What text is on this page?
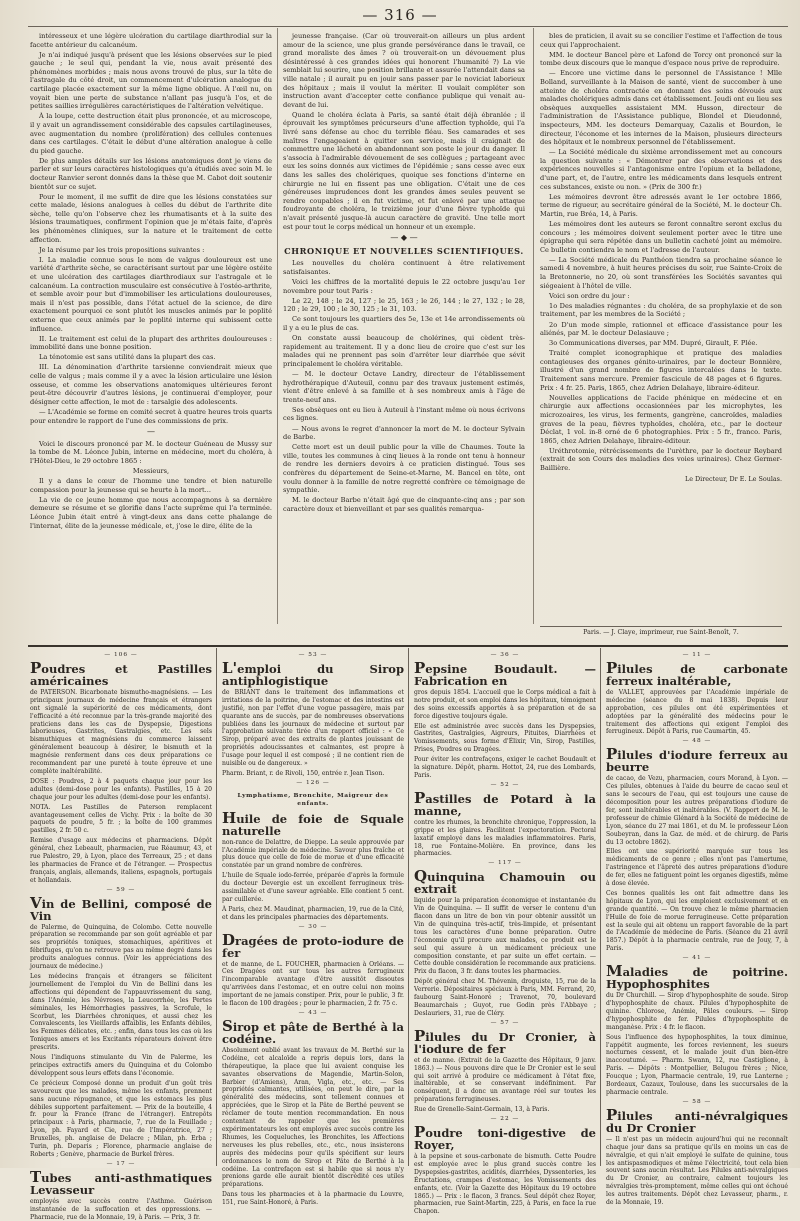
— 316 —

intéresseux et une légère ulcération du cartilage diarthrodial sur la facette antérieur du calcanéum.

Je n'ai indiqué jusqu'à présent que les lésions observées sur le pied gauche ; le seul qui, pendant la vie, nous avait présenté des phénomènes morbides ; mais nous avons trouvé de plus, sur la tête de l'astragale du côté droit, un commencement d'ulcération analogue du cartilage placée exactement sur la même ligne oblique. À l'œil nu, on voyait bien une perte de substance n'allant pas jusqu'à l'os, et de petites saillies irrégulières caractéristiques de l'altération velvétique.

À la loupe, cette destruction était plus prononcée, et au microscope, il y avait un agrandissement considérable des capsules cartilagineuses, avec augmentation du nombre (prolifération) des cellules contenues dans ces cartilages. C'était le début d'une altération analogue à celle du pied gauche.

De plus amples détails sur les lésions anatomiques dont je viens de parler et sur leurs caractères histologiques qu'a étudiés avec soin M. le docteur Ranvier seront donnés dans la thèse que M. Cabot doit soutenir bientôt sur ce sujet.

Pour le moment, il me suffit de dire que les lésions constatées sur cette malade, lésions analogues à celles du début de l'arthrite dite sèche, telle qu'on l'observe chez les rhumatisants et à la suite des lésions traumatiques, confirment l'opinion que je m'étais faite, d'après les phénomènes cliniques, sur la nature et le traitement de cette affection.

Je la résume par les trois propositions suivantes :

I. La maladie connue sous le nom de valgus douloureux est une variété d'arthrite sèche, se caractérisant surtout par une légère ostéite et une ulcération des cartilages diarthrodiaux sur l'astragale et le calcanéum. La contraction musculaire est consécutive à l'ostéo-arthrite, et semble avoir pour but d'immobiliser les articulations douloureuses, mais il n'est pas possible, dans l'état actuel de la science, de dire exactement pourquoi ce sont plutôt les muscles animés par le poplité externe que ceux animés par le poplité interne qui subissent cette influence.

II. Le traitement est celui de la plupart des arthrites douloureuses : immobilité dans une bonne position.

La ténotomie est sans utilité dans la plupart des cas.

III. La dénomination d'arthrite tarsienne conviendrait mieux que celle de valgus ; mais comme il y a avec la lésion articulaire une lésion osseuse, et comme les observations anatomiques ultérieures feront peut-être découvrir d'autres lésions, je continuerai d'employer, pour désigner cette affection, le mot de : tarsalgie des adolescents.

— L'Académie se forme en comité secret à quatre heures trois quarts pour entendre le rapport de l'une des commissions de prix.

—

Voici le discours prononcé par M. le docteur Guéneau de Mussy sur la tombe de M. Léonce Jubin, interne en médecine, mort du choléra, à l'Hôtel-Dieu, le 29 octobre 1865 :

Messieurs,

Il y a dans le cœur de l'homme une tendre et bien naturelle compassion pour la jeunesse qui se heurte à la mort...

La vie de ce jeune homme que nous accompagnons à sa dernière demeure se résume et se glorifie dans l'acte suprême qui l'a terminée. Léonce Jubin était entré à vingt-deux ans dans cette phalange de l'internat, élite de la jeunesse médicale, et, j'ose le dire, élite de la

jeunesse française. (Car où trouverait-on ailleurs un plus ardent amour de la science, une plus grande persévérance dans le travail, ce grand moraliste des âmes ? où trouverait-on un dévouement plus désintéressé à ces grandes idées qui honorent l'humanité ?) La vie semblait lui sourire, une position brillante et assurée l'attendait dans sa ville natale ; il aurait pu en jouir sans passer par le noviciat laborieux des hôpitaux ; mais il voulut la mériter. Il voulait compléter son instruction avant d'accepter cette confiance publique qui venait au-devant de lui.

Quand le choléra éclata à Paris, sa santé était déjà ébranlée ; il éprouvait les symptômes précurseurs d'une affection typhoïde, qui l'a livré sans défense au choc du terrible fléau. Ses camarades et ses maîtres l'engageaient à quitter son service, mais il craignait de commettre une lâcheté en abandonnant son poste le jour du danger. Il s'associa à l'admirable dévouement de ses collègues ; partageant avec eux les soins donnés aux victimes de l'épidémie ; sans cesse avec eux dans les salles des cholériques, quoique ses fonctions d'interne en chirurgie ne lui en fissent pas une obligation. C'était une de ces généreuses imprudences dont les grandes âmes seules peuvent se rendre coupables ; il en fut victime, et fut enlevé par une attaque foudroyante de choléra, le treizième jour d'une fièvre typhoïde qui n'avait présenté jusque-là aucun caractère de gravité. Une telle mort est pour tout le corps médical un honneur et un exemple.

— ◆ —
CHRONIQUE ET NOUVELLES SCIENTIFIQUES.

Les nouvelles du choléra continuent à être relativement satisfaisantes.

Voici les chiffres de la mortalité depuis le 22 octobre jusqu'au 1er novembre pour tout Paris :

Le 22, 148 ; le 24, 127 ; le 25, 163 ; le 26, 144 ; le 27, 132 ; le 28, 120 ; le 29, 100 ; le 30, 125 ; le 31, 103.

Ce sont toujours les quartiers des 5e, 13e et 14e arrondissements où il y a eu le plus de cas.

On constate aussi beaucoup de cholérines, qui cèdent très-rapidement au traitement. Il y a donc lieu de croire que c'est sur les malades qui ne prennent pas soin d'arrêter leur diarrhée que sévit principalement le choléra véritable.

— M. le docteur Octave Landry, directeur de l'établissement hydrothérapique d'Auteuil, connu par des travaux justement estimés, vient d'être enlevé à sa famille et à ses nombreux amis à l'âge de trente-neuf ans.

Ses obsèques ont eu lieu à Auteuil à l'instant même où nous écrivons ces lignes.

— Nous avons le regret d'annoncer la mort de M. le docteur Sylvain de Barbe.

Cette mort est un deuil public pour la ville de Chaumes. Toute la ville, toutes les communes à cinq lieues à la ronde ont tenu à honneur de rendre les derniers devoirs à ce praticien distingué. Tous ses confrères du département de Seine-et-Marne, M. Bancel en tête, ont voulu donner à la famille de notre regretté confrère ce témoignage de sympathie.

M. le docteur Barbe n'était âgé que de cinquante-cinq ans ; par son caractère doux et bienveillant et par ses qualités remarqua-

bles de praticien, il avait su se concilier l'estime et l'affection de tous ceux qui l'approchaient.

MM. le docteur Bancel père et Lafond de Torcy ont prononcé sur la tombe deux discours que le manque d'espace nous prive de reproduire.

— Encore une victime dans le personnel de l'Assistance ! Mlle Bolland, surveillante à la Maison de santé, vient de succomber à une atteinte de choléra contractée en donnant des soins dévoués aux malades cholériques admis dans cet établissement. Jeudi ont eu lieu ses obsèques auxquelles assistaient MM. Husson, directeur de l'administration de l'Assistance publique, Blondel et Dieudonné, inspecteurs, MM. les docteurs Demarquay, Cazalis et Bourdon, le directeur, l'économe et les internes de la Maison, plusieurs directeurs des hôpitaux et le nombreux personnel de l'établissement.

— La Société médicale du sixième arrondissement met au concours la question suivante : « Démontrer par des observations et des expériences nouvelles si l'antagonisme entre l'opium et la belladone, d'une part, et, de l'autre, entre les médicaments dans lesquels entrent ces substances, existe ou non. » (Prix de 300 fr.)

Les mémoires devront être adressés avant le 1er octobre 1866, terme de rigueur, au secrétaire général de la Société, M. le docteur Ch. Martin, rue Bréa, 14, à Paris.

Les mémoires dont les auteurs se feront connaître seront exclus du concours ; les mémoires doivent seulement porter avec le titre une épigraphe qui sera répétée dans un bulletin cacheté joint au mémoire. Ce bulletin contiendra le nom et l'adresse de l'auteur.

— La Société médicale du Panthéon tiendra sa prochaine séance le samedi 4 novembre, à huit heures précises du soir, rue Sainte-Croix de la Bretonnerie, no 20, où sont transférées les Sociétés savantes qui siégeaient à l'hôtel de ville.

Voici son ordre du jour :

1o Des maladies régnantes : du choléra, de sa prophylaxie et de son traitement, par les membres de la Société ;

2o D'un mode simple, rationnel et efficace d'assistance pour les aliénés, par M. le docteur Delasiauve ;

3o Communications diverses, par MM. Dupré, Girault, F. Plée.

Traité complet iconographique et pratique des maladies contagieuses des organes génito-urinaires, par le docteur Bonnière, illustré d'un grand nombre de figures intercalées dans le texte. Traitement sans mercure. Premier fascicule de 48 pages et 6 figures. Prix : 4 fr. 25. Paris, 1865, chez Adrien Delahaye, libraire-éditeur.

Nouvelles applications de l'acide phénique en médecine et en chirurgie aux affections occasionnées par les microphytes, les microzoaires, les virus, les ferments, gangrène, cancroïdes, maladies graves de la peau, fièvres typhoïdes, choléra, etc., par le docteur Déclat, 1 vol. in-8 orné de 6 photographies. Prix : 5 fr., franco. Paris, 1865, chez Adrien Delahaye, libraire-éditeur.

Uréthrotomie, rétrécissements de l'urèthre, par le docteur Reybard (extrait de son Cours des maladies des voies urinaires). Chez Germer-Baillière.

Le Directeur, Dr E. Le Soulas.
Paris. — J. Claye, imprimeur, rue Saint-Benoît, 7.
— 106 —
Poudres et Pastilles américaines

de PATERSON. Bicarbonate bismutho-magnésiens. — Les principaux journaux de médecine français et étrangers ont signalé la supériorité de ces médicaments, dont l'efficacité a été reconnue par la très-grande majorité des praticiens dans les cas de Dyspepsie, Digestions laborieuses, Gastrites, Gastralgies, etc. Les sels bismuthiques et magnésiens du commerce laissent généralement beaucoup à désirer, le bismuth et la magnésie renferment dans ces deux préparations ce recommandent par une pureté à toute épreuve et une complète inaltérabilité.

DOSE : Poudres, 2 à 4 paquets chaque jour pour les adultes (demi-dose pour les enfants). Pastilles, 15 à 20 chaque jour pour les adultes (demi-dose pour les enfants).

NOTA. Les Pastilles de Paterson remplacent avantageusement celles de Vichy. Prix : la boîte de 30 paquets de poudre, 5 fr. ; la boîte de 100 grammes pastilles, 2 fr. 50 c.

Remise d'usage aux médecins et pharmaciens. Dépôt général, chez Lebeault, pharmacien, rue Réaumur, 43, et rue Palestro, 29, à Lyon, place des Terreaux, 25 ; et dans les pharmacies de France et de l'étranger. — Prospectus français, anglais, allemands, italiens, espagnols, portugais et hollandais.

— 59 —
Vin de Bellini, composé de Vin

de Palerme, de Quinquina, de Colombo. Cette nouvelle préparation se recommande par son goût agréable et par ses propriétés toniques, stomachiques, apéritives et fébrifuges, qu'on ne retrouve pas au même degré dans les produits analogues connus. (Voir les appréciations des journaux de médecine.)

Les médecins français et étrangers se félicitent journellement de l'emploi du Vin de Bellini dans les affections qui dépendent de l'appauvrissement du sang, dans l'Anémie, les Névroses, la Leucorrhée, les Pertes séminales, les Hémorrhagies passives, la Scrofule, le Scorbut, les Diarrhées chroniques, et aussi chez les Convalescents, les Vieillards affaiblis, les Enfants débiles, les Femmes délicates, etc. ; enfin, dans tous les cas où les Toniques amers et les Excitants réparateurs doivent être prescrits.

Nous l'indiquons stimulante du Vin de Palerme, les principes extractifs amers du Quinquina et du Colombo développent sous leurs effets dans l'économie.

Ce précieux Composé donne un produit d'un goût très savoureux que les malades, même les enfants, prennent sans aucune répugnance, et que les estomacs les plus débiles supportent parfaitement. — Prix de la bouteille, 4 fr. pour la France (franc de l'étranger). Entrepôts principaux : à Paris, pharmacie, 7, rue de la Feuillade ; Lyon, ph. Fayard et Cie, rue de l'Impératrice, 27 ; Bruxelles, ph. anglaise de Delacre ; Milan, ph. Erba ; Turin, ph. Deparis ; Florence, pharmacie anglaise de Roberts ; Genève, pharmacie de Burkel frères.

— 17 —
Tubes anti-asthmatiques Levasseur

employés avec succès contre l'Asthme. Guérison instantanée de la suffocation et des oppressions. — Pharmacie, rue de la Monnaie, 19, à Paris. — Prix, 3 fr.

— 53 —
L'emploi du Sirop antiphlogistique

de BRIANT dans le traitement des inflammations et irritations de la poitrine, de l'estomac et des intestins est justifié, non par l'effet d'une vogue passagère, mais par quarante ans de succès, par de nombreuses observations publiées dans les journaux de médecine et surtout par l'approbation suivante tirée d'un rapport officiel : « Ce Sirop, préparé avec des extraits de plantes jouissant de propriétés adoucissantes et calmantes, est propre à l'usage pour lequel il est composé ; il ne contient rien de nuisible ou de dangereux. »

Pharm. Briant, r. de Rivoli, 150, entrée r. Jean Tison.

— 126 —
Lymphatisme, Bronchite, Maigreur des enfants.
Huile de foie de Squale naturelle

non-rance de Delattre, de Dieppe. La seule approuvée par l'Académie impériale de médecine. Savour plus fraîche et plus douce que celle de foie de morue et d'une efficacité constatée par un grand nombre de confrères.

L'huile de Squale iodo-ferrée, préparée d'après la formule du docteur Devergie est un excellent ferrugineux très-assimilable et d'une saveur agréable. Elle contient 5 cent. par cuillerée.

À Paris, chez M. Maudinat, pharmacien, 19, rue de la Cité, et dans les principales pharmacies des départements.

— 30 —
Dragées de proto-iodure de fer

et de manne, de L. FOUCHER, pharmacien à Orléans. — Ces Dragées ont sur tous les autres ferrugineux l'incomparable avantage d'être aussitôt dissoutes qu'arrivées dans l'estomac, et en outre celui non moins important de ne jamais constiper. Prix, pour le public, 3 fr. le flacon de 100 dragées ; pour le pharmacien, 2 fr. 75 c.

— 43 —
Sirop et pâte de Berthé à la codéine.

Absolument oublié avant les travaux de M. Berthé sur la Codéine, cet alcaloïde a repris depuis lors, dans la thérapeutique, la place que lui avaient conquise les savantes observations de Magendie, Martin-Solon, Barbier (d'Amiens), Aran, Vigla, etc., etc. — Ses propriétés calmantes, utilisées, on peut le dire, par la généralité des médecins, sont tellement connues et appréciées, que le Sirop et la Pâte de Berthé peuvent se réclamer de toute mention recommandation. En nous contentant de rappeler que les premières expérimentateurs les ont employés avec succès contre les Rhumes, les Coqueluches, les Bronchites, les Affections nerveuses les plus rebelles, etc., etc., nous insisterons auprès des médecins pour qu'ils spécifient sur leurs ordonnances le nom de Sirop et Pâte de Berthé à la codéine. La contrefaçon est si habile que si nous n'y prenions garde elle aurait bientôt discrédité ces utiles préparations.

Dans tous les pharmacies et à la pharmacie du Louvre, 151, rue Saint-Honoré, à Paris.

— 36 —
Pepsine Boudault. — Fabrication en

gros depuis 1854. L'accueil que le Corps médical a fait à notre produit, et son emploi dans les hôpitaux, témoignent des soins excessifs apportés à sa préparation et de sa force digestive toujours égale.

Elle est administrée avec succès dans les Dyspepsies, Gastrites, Gastralgies, Aigreurs, Pituites, Diarrhées et Vomissements, sous forme d'Élixir, Vin, Sirop, Pastilles, Prises, Poudres ou Dragées.

Pour éviter les contrefaçons, exiger le cachet Boudault et la signature. Dépôt, pharm. Hottot, 24, rue des Lombards, Paris.

— 52 —
Pastilles de Potard à la manne,

contre les rhumes, la bronchite chronique, l'oppression, la grippe et les glaires. Facilitent l'expectoration. Pectoral laxatif employé dans les maladies inflammatoires. Paris, 18, rue Fontaine-Molière. En province, dans les pharmacies.

— 117 —
Quinquina Chamouin ou extrait

liquide pour la préparation économique et instantanée du Vin de Quinquina. — Il suffit de verser le contenu d'un flacon dans un litre de bon vin pour obtenir aussitôt un Vin de quinquina très-actif, très-limpide, et présentant tous les caractères d'une bonne préparation. Outre l'économie qu'il procure aux malades, ce produit est le seul qui assure à un médicament précieux une composition constante, et par suite un effet certain. — Cette double considération le recommande aux praticiens. Prix du flacon, 3 fr. dans toutes les pharmacies.

Dépôt général chez M. Thévenin, droguiste, 15, rue de la Verrerie. Dépositaires spéciaux à Paris, MM. Ferrand, 20, faubourg Saint-Honoré ; Travenot, 70, boulevard Beaumarchais ; Guyot, rue Godin près l'Abbaye ; Deslauriers, 31, rue de Cléry.

— 57 —
Pilules du Dr Cronier, à l'iodure de fer

et de manne. (Extrait de la Gazette des Hôpitaux, 9 janv. 1863.) — Nous pouvons dire que le Dr Cronier est le seul qui soit arrivé à produire ce médicament à l'état fixe, inaltérable, et se conservant indéfiniment. Par conséquent, il a donc un avantage réel sur toutes les préparations ferrugineuses.

Rue de Grenelle-Saint-Germain, 13, à Paris.

— 22 —
Poudre toni-digestive de Royer,

à la pepsine et sous-carbonate de bismuth. Cette Poudre est employée avec le plus grand succès contre les Dyspepsies-gastrites, acidités, diarrhées, Dyssenteries, les Éructations, crampes d'estomac, les Vomissements des enfants, etc. (Voir la Gazette des Hôpitaux du 19 octobre 1865.) — Prix : le flacon, 3 francs. Seul dépôt chez Royer, pharmacien, rue Saint-Martin, 225, à Paris, en face la rue Chapon.

— 11 —
Pilules de carbonate ferreux inaltérable,

de VALLET, approuvées par l'Académie impériale de médecine (séance du 8 mai 1838). Depuis leur approbation, ces pilules ont été expérimentées et adoptées par la généralité des médecins pour le traitement des affections qui exigent l'emploi des ferrugineux. Dépôt à Paris, rue Caumartin, 45.

— 48 —
Pilules d'iodure ferreux au beurre

de cacao, de Vezu, pharmacien, cours Morand, à Lyon. — Ces pilules, obtenues à l'aide du beurre de cacao seul et sans le secours de l'eau, qui est toujours une cause de décomposition pour les autres préparations d'iodure de fer, sont inaltérables et inaltérables. (V. Rapport de M. le professeur de chimie Glénard à la Société de médecine de Lyon, séance du 27 mai 1861, et du M. le professeur Léon Soubeyran, dans la Gaz. de méd. et de chirurg. de Paris du 13 octobre 1862).

Elles ont une supériorité marquée sur tous les médicaments de ce genre ; elles n'ont pas l'amertume, l'astringence et l'âpreté des autres préparations d'iodure de fer, elles ne fatiguent point les organes digestifs, même à dose élevée.

Ces bonnes qualités les ont fait admettre dans les hôpitaux de Lyon, qui les emploient exclusivement et en grande quantité. — On trouve chez le même pharmacien l'Huile de foie de morue ferrugineuse. Cette préparation est la seule qui ait obtenu un rapport favorable de la part de l'Académie de médecine de Paris. (Séance du 21 avril 1857.) Dépôt à la pharmacie centrale, rue de Jouy, 7, à Paris.

— 41 —
Maladies de poitrine. Hypophosphites

du Dr Churchill. — Sirop d'hypophosphite de soude. Sirop d'hypophosphite de chaux. Pilules d'hypophosphite de quinine. Chlorose, Anémie, Pâles couleurs. — Sirop d'hypophosphite de fer. Pilules d'hypophosphite de manganèse. Prix : 4 fr. le flacon.

Sous l'influence des hypophosphites, la toux diminue, l'appétit augmente, les forces reviennent, les sueurs nocturnes cessent, et le malade jouit d'un bien-être inaccoutumé. — Pharm. Swann, 12, rue Castiglione, à Paris. — Dépôts : Montpellier, Belugou frères ; Nice, Foucque ; Lyon, Pharmacie centrale, 19, rue Lanterne ; Bordeaux, Cazaux, Toulouse, dans les succursales de la pharmacie centrale.

— 58 —
Pilules anti-névralgiques du Dr Cronier

— Il n'est pas un médecin aujourd'hui qui ne reconnaît chaque jour dans sa pratique qu'ils en moins un cas de névralgie, et qui n'ait employé le sulfate de quinine, tous les antispasmodiques et même l'électricité, tout cela bien souvent sans aucun résultat. Les Pilules anti-névralgiques du Dr Cronier, au contraire, calment toujours les névralgies très-promptement, même celles qui ont échoué les autres traitements. Dépôt chez Levasseur, pharm., r. de la Monnaie, 19.
